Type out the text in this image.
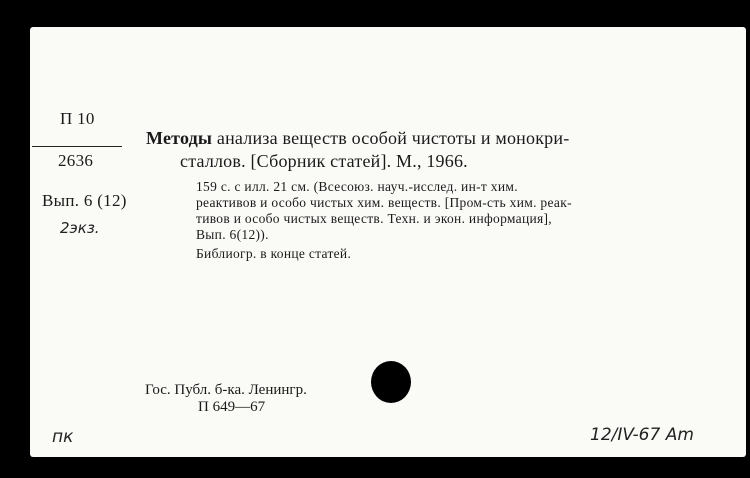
П 10
2636
Вып. 6 (12)
2экз.
Методы анализа веществ особой чистоты и монокри-
сталлов. [Сборник статей]. М., 1966.
159 с. с илл. 21 см. (Всесоюз. науч.-исслед. ин-т хим.
реактивов и особо чистых хим. веществ. [Пром-сть хим. реак-
тивов и особо чистых веществ. Техн. и экон. информация],
Вып. 6(12)).
Библиогр. в конце статей.
Гос. Публ. б-ка. Ленингр.
П 649—67
пк	12/IV-67 Am
